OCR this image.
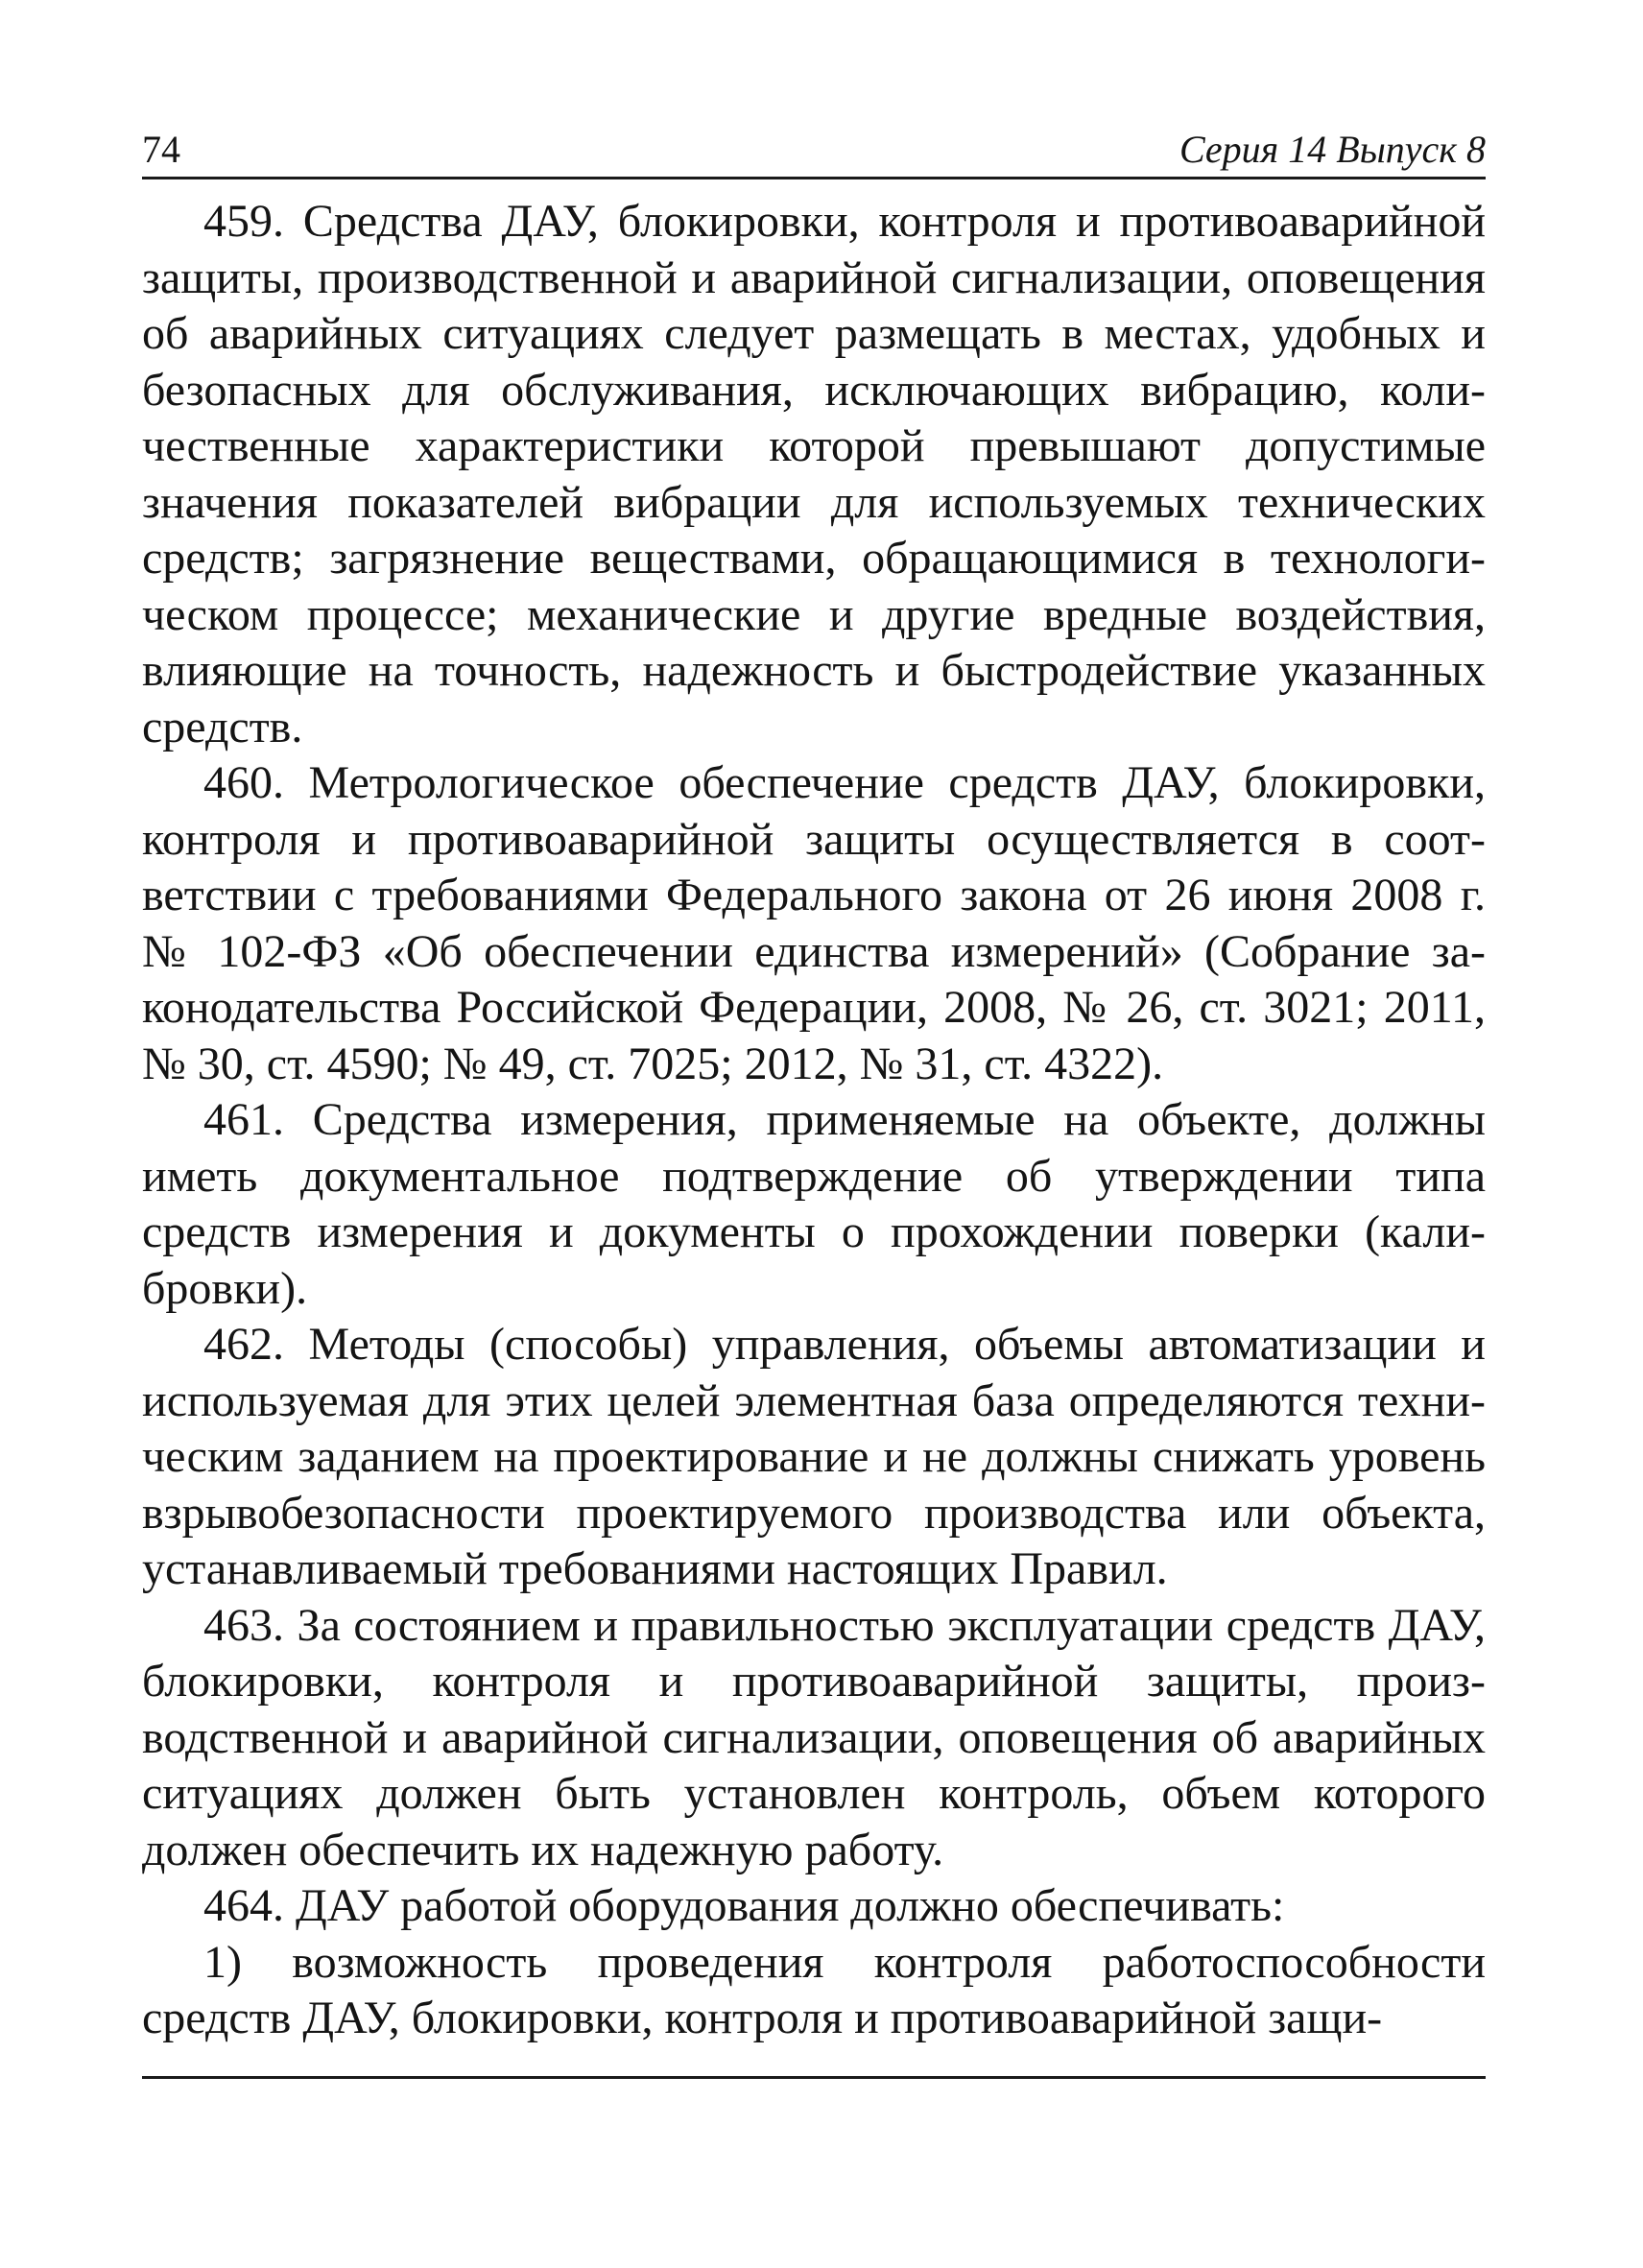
74	Серия 14 Выпуск 8

459. Средства ДАУ, блокировки, контроля и противоаварийной защиты, производственной и аварийной сигнализации, оповещения об аварийных ситуациях следует размещать в местах, удобных и безопасных для обслуживания, исключающих вибрацию, количественные характеристики которой превышают допустимые значения показателей вибрации для используемых технических средств; загрязнение веществами, обращающимися в технологическом процессе; механические и другие вредные воздействия, влияющие на точность, надежность и быстродействие указанных средств.

460. Метрологическое обеспечение средств ДАУ, блокировки, контроля и противоаварийной защиты осуществляется в соответствии с требованиями Федерального закона от 26 июня 2008 г. № 102-ФЗ «Об обеспечении единства измерений» (Собрание законодательства Российской Федерации, 2008, № 26, ст. 3021; 2011, № 30, ст. 4590; № 49, ст. 7025; 2012, № 31, ст. 4322).

461. Средства измерения, применяемые на объекте, должны иметь документальное подтверждение об утверждении типа средств измерения и документы о прохождении поверки (калибровки).

462. Методы (способы) управления, объемы автоматизации и используемая для этих целей элементная база определяются техническим заданием на проектирование и не должны снижать уровень взрывобезопасности проектируемого производства или объекта, устанавливаемый требованиями настоящих Правил.

463. За состоянием и правильностью эксплуатации средств ДАУ, блокировки, контроля и противоаварийной защиты, производственной и аварийной сигнализации, оповещения об аварийных ситуациях должен быть установлен контроль, объем которого должен обеспечить их надежную работу.

464. ДАУ работой оборудования должно обеспечивать:

1) возможность проведения контроля работоспособности средств ДАУ, блокировки, контроля и противоаварийной защи-
